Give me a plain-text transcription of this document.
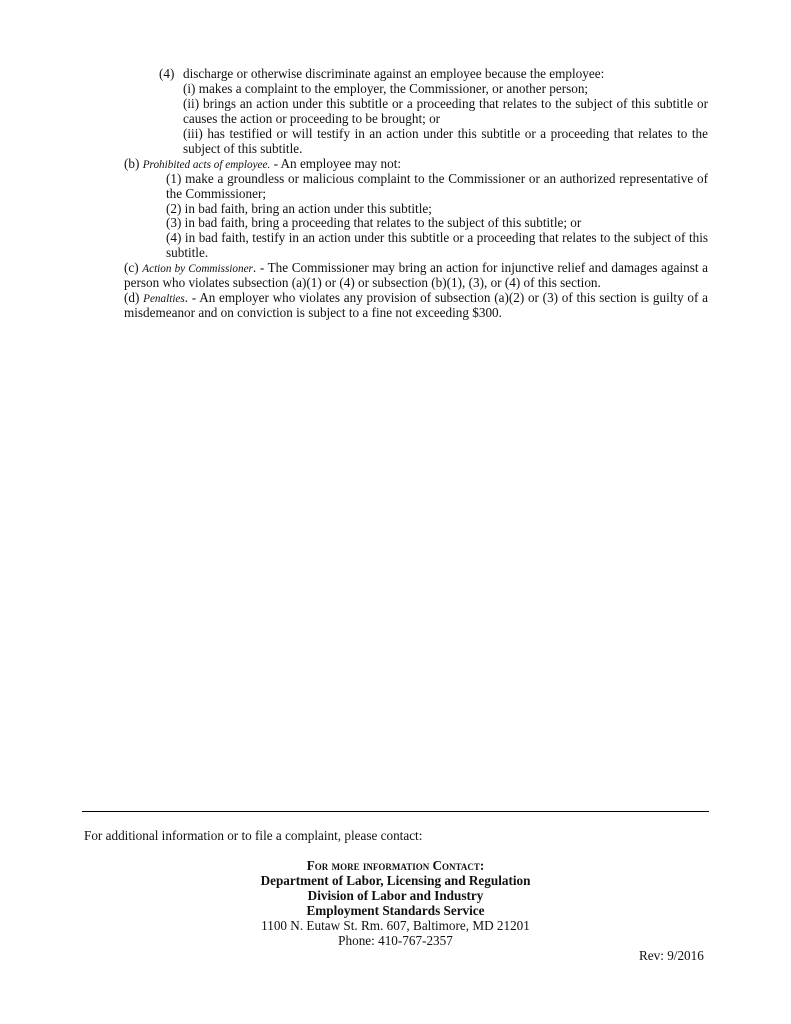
(4) discharge or otherwise discriminate against an employee because the employee:
(i) makes a complaint to the employer, the Commissioner, or another person;
(ii) brings an action under this subtitle or a proceeding that relates to the subject of this subtitle or
causes the action or proceeding to be brought; or
(iii) has testified or will testify in an action under this subtitle or a proceeding that relates to the
subject of this subtitle.
(b) Prohibited acts of employee. - An employee may not:
(1) make a groundless or malicious complaint to the Commissioner or an authorized representative of
the Commissioner;
(2) in bad faith, bring an action under this subtitle;
(3) in bad faith, bring a proceeding that relates to the subject of this subtitle; or
(4) in bad faith, testify in an action under this subtitle or a proceeding that relates to the subject of this
subtitle.
(c) Action by Commissioner. - The Commissioner may bring an action for injunctive relief and damages against a
person who violates subsection (a)(1) or (4) or subsection (b)(1), (3), or (4) of this section.
(d) Penalties. - An employer who violates any provision of subsection (a)(2) or (3) of this section is guilty of a
misdemeanor and on conviction is subject to a fine not exceeding $300.
For additional information or to file a complaint, please contact:
For more information Contact:
Department of Labor, Licensing and Regulation
Division of Labor and Industry
Employment Standards Service
1100 N. Eutaw St. Rm. 607, Baltimore, MD 21201
Phone: 410-767-2357
Rev: 9/2016
